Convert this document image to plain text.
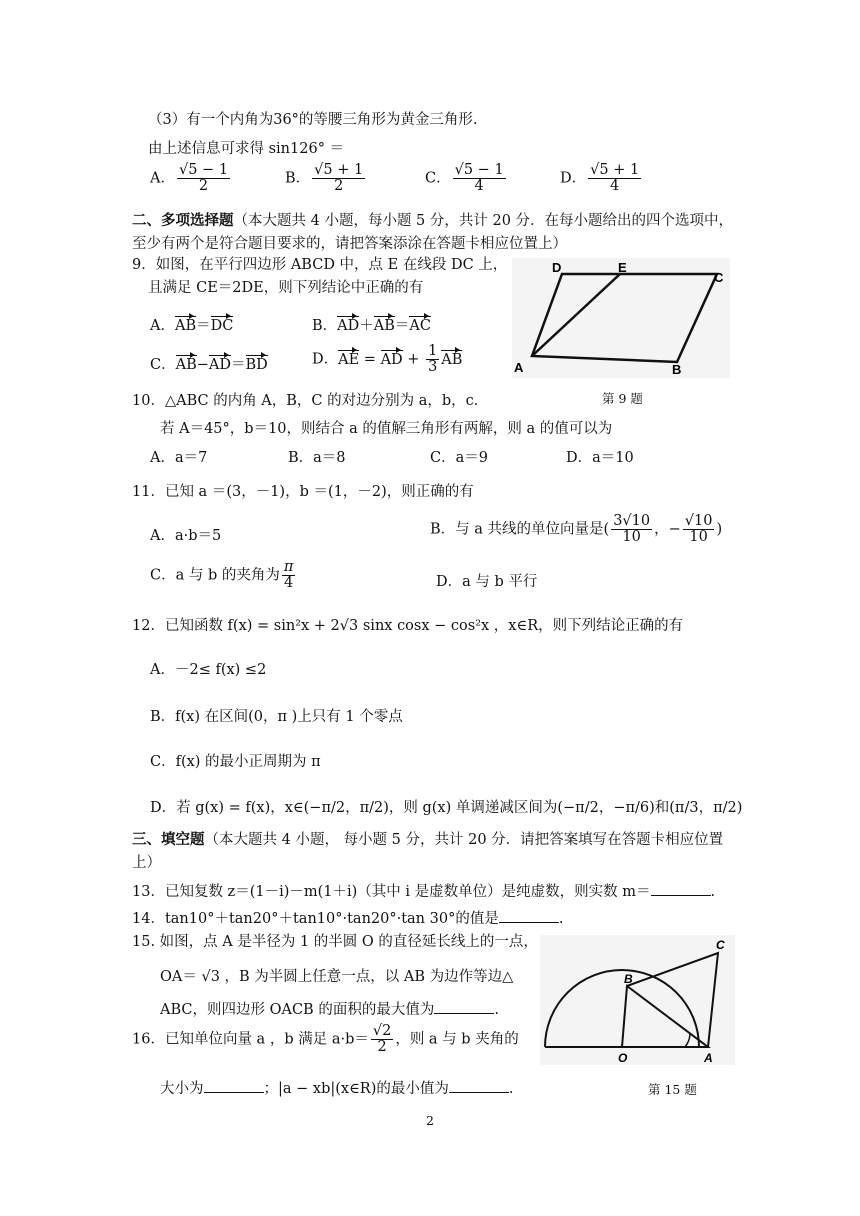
（3）有一个内角为36°的等腰三角形为黄金三角形.
由上述信息可求得 sin126° ＝
A． $\frac{√5 - 1}{2}$	B． $\frac{√5 + 1}{2}$	C． $\frac{√5 - 1}{4}$	D． $\frac{√5 + 1}{4}$
二、多项选择题（本大题共 4 小题，每小题 5 分，共计 20 分．在每小题给出的四个选项中，
至少有两个是符合题目要求的，请把答案添涂在答题卡相应位置上）
9．如图，在平行四边形 ABCD 中，点 E 在线段 DC 上，
且满足 CE＝2DE，则下列结论中正确的有
A．AB＝DC	B．AD＋AB＝AC
C．AB−AD＝BD	D．AE = AD + $\frac{1}{3}$ AB
D	E
C
A	B
第 9 题
10．△ABC 的内角 A，B，C 的对边分别为 a，b，c．
若 A＝45°，b＝10，则结合 a 的值解三角形有两解，则 a 的值可以为
A．a＝7	B．a＝8	C．a＝9	D．a＝10
11．已知 a ＝(3，－1)，b ＝(1，－2)，则正确的有
A．a·b＝5	B．与 a 共线的单位向量是( $\frac{3√10}{10}$ ，− $\frac{√10}{10}$ )
C．a 与 b 的夹角为 $\frac{\pi}{4}$	D．a 与 b 平行
12．已知函数 f(x) = sin²x + 2√3 sinx cosx − cos²x ，x∈R，则下列结论正确的有
A．－2≤ f(x) ≤2
B．f(x) 在区间(0，π )上只有 1 个零点
C．f(x) 的最小正周期为 π
D．若 g(x) = f(x)，x∈(−π/2，π/2)，则 g(x) 单调递减区间为(−π/2，−π/6)和(π/3，π/2)
三、填空题（本大题共 4 小题， 每小题 5 分，共计 20 分．请把答案填写在答题卡相应位置
上）
13．已知复数 z＝(1－i)－m(1＋i)（其中 i 是虚数单位）是纯虚数，则实数 m＝	.
14．tan10°＋tan20°＋tan10°·tan20°·tan 30°的值是	.
15. 如图，点 A 是半径为 1 的半圆 O 的直径延长线上的一点，
OA＝ √3 ，B 为半圆上任意一点，以 AB 为边作等边△
ABC，则四边形 OACB 的面积的最大值为	.
C
B
O	A
第 15 题
16．已知单位向量 a ，b 满足 $a\cdot b= \frac{√2}{2}$ ，则 a 与 b 夹角的
大小为	；|a − xb|(x∈R)的最小值为	.
2
